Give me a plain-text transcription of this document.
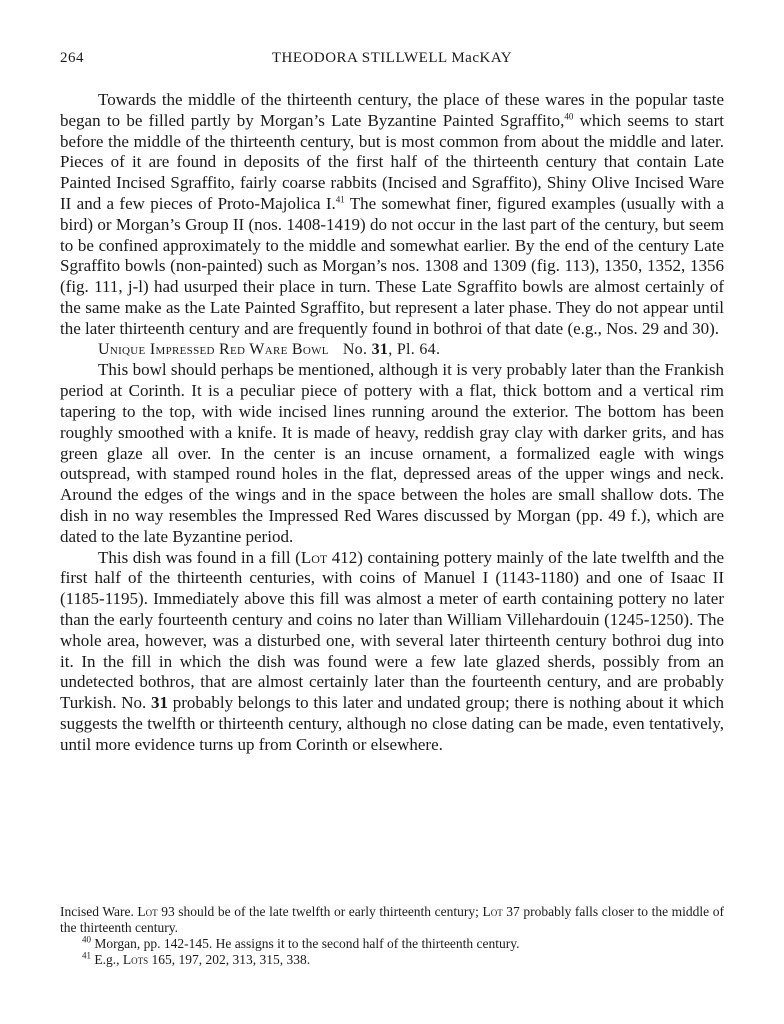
264	THEODORA STILLWELL MacKAY

Towards the middle of the thirteenth century, the place of these wares in the popular taste began to be filled partly by Morgan’s Late Byzantine Painted Sgraffito,$^{40}$ which seems to start before the middle of the thirteenth century, but is most common from about the middle and later. Pieces of it are found in deposits of the first half of the thirteenth century that contain Late Painted Incised Sgraffito, fairly coarse rabbits (Incised and Sgraffito), Shiny Olive Incised Ware II and a few pieces of Proto-Majolica I.$^{41}$ The somewhat finer, figured examples (usually with a bird) or Morgan’s Group II (nos. 1408-1419) do not occur in the last part of the century, but seem to be confined approximately to the middle and somewhat earlier. By the end of the century Late Sgraffito bowls (non-painted) such as Morgan’s nos. 1308 and 1309 (fig. 113), 1350, 1352, 1356 (fig. 111, j-l) had usurped their place in turn. These Late Sgraffito bowls are almost certainly of the same make as the Late Painted Sgraffito, but represent a later phase. They do not appear until the later thirteenth century and are frequently found in bothroi of that date (e.g., Nos. 29 and 30).

Unique Impressed Red Ware Bowl No. 31, Pl. 64.

This bowl should perhaps be mentioned, although it is very probably later than the Frankish period at Corinth. It is a peculiar piece of pottery with a flat, thick bottom and a vertical rim tapering to the top, with wide incised lines running around the exterior. The bottom has been roughly smoothed with a knife. It is made of heavy, reddish gray clay with darker grits, and has green glaze all over. In the center is an incuse ornament, a formalized eagle with wings outspread, with stamped round holes in the flat, depressed areas of the upper wings and neck. Around the edges of the wings and in the space between the holes are small shallow dots. The dish in no way resembles the Impressed Red Wares discussed by Morgan (pp. 49 f.), which are dated to the late Byzantine period.

This dish was found in a fill (Lot 412) containing pottery mainly of the late twelfth and the first half of the thirteenth centuries, with coins of Manuel I (1143-1180) and one of Isaac II (1185-1195). Immediately above this fill was almost a meter of earth containing pottery no later than the early fourteenth century and coins no later than William Villehardouin (1245-1250). The whole area, however, was a disturbed one, with several later thirteenth century bothroi dug into it. In the fill in which the dish was found were a few late glazed sherds, possibly from an undetected bothros, that are almost certainly later than the fourteenth century, and are probably Turkish. No. 31 probably belongs to this later and undated group; there is nothing about it which suggests the twelfth or thirteenth century, although no close dating can be made, even tentatively, until more evidence turns up from Corinth or elsewhere.

Incised Ware. Lot 93 should be of the late twelfth or early thirteenth century; Lot 37 probably falls closer to the middle of the thirteenth century.

$^{40}$ Morgan, pp. 142-145. He assigns it to the second half of the thirteenth century.

$^{41}$ E.g., Lots 165, 197, 202, 313, 315, 338.
